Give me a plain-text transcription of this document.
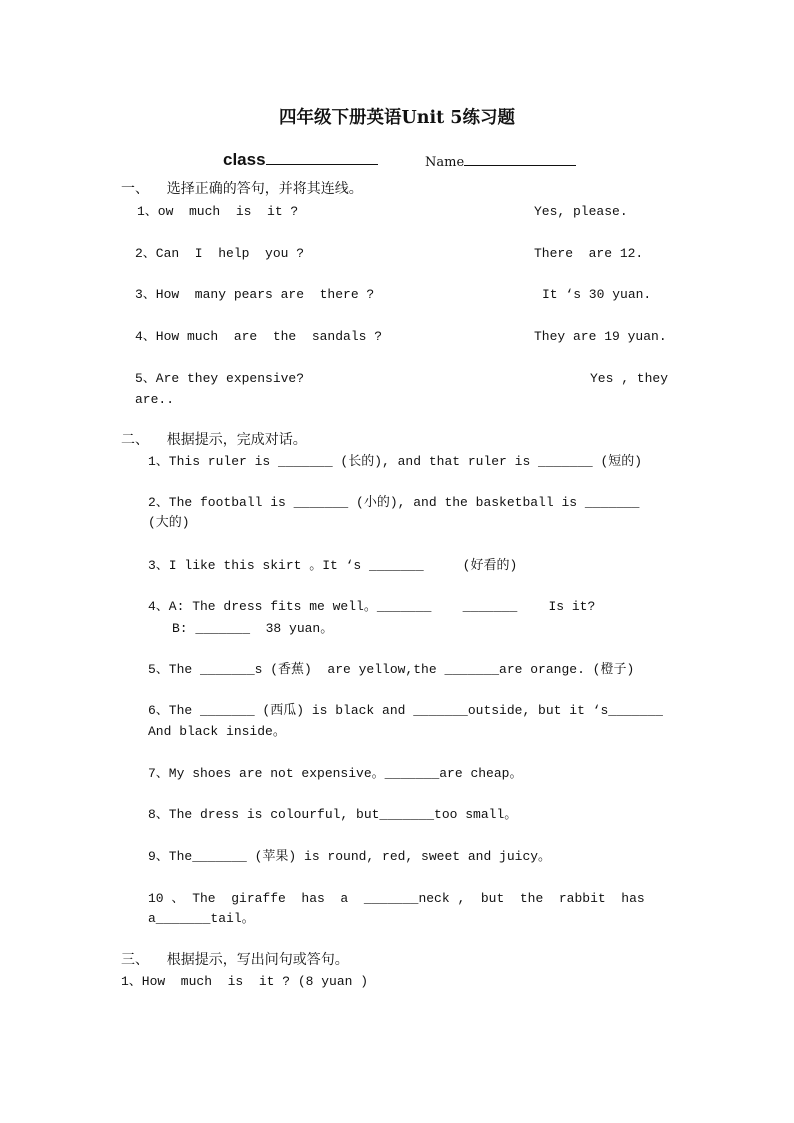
四年级下册英语Unit 5练习题
class	Name
一、    选择正确的答句，并将其连线。
1、ow  much  is  it ?	Yes, please.
2、Can  I  help  you ?	There  are 12.
3、How  many pears are  there ?	It ‘s 30 yuan.
4、How much  are  the  sandals ?	They are 19 yuan.
5、Are they expensive?	Yes , they
are..
二、    根据提示，完成对话。
1、This ruler is _______ (长的), and that ruler is _______ (短的)
2、The football is _______ (小的), and the basketball is _______
(大的)
3、I like this skirt 。It ‘s _______     (好看的)
4、A: The dress fits me well。_______    _______    Is it?
B: _______  38 yuan。
5、The _______s (香蕉)  are yellow,the _______are orange. (橙子)
6、The _______ (西瓜) is black and _______outside, but it ‘s_______
And black inside。
7、My shoes are not expensive。_______are cheap。
8、The dress is colourful, but_______too small。
9、The_______ (苹果) is round, red, sweet and juicy。
10 、 The  giraffe  has  a  _______neck ,  but  the  rabbit  has
a_______tail。
三、    根据提示，写出问句或答句。
1、How  much  is  it ? (8 yuan )
